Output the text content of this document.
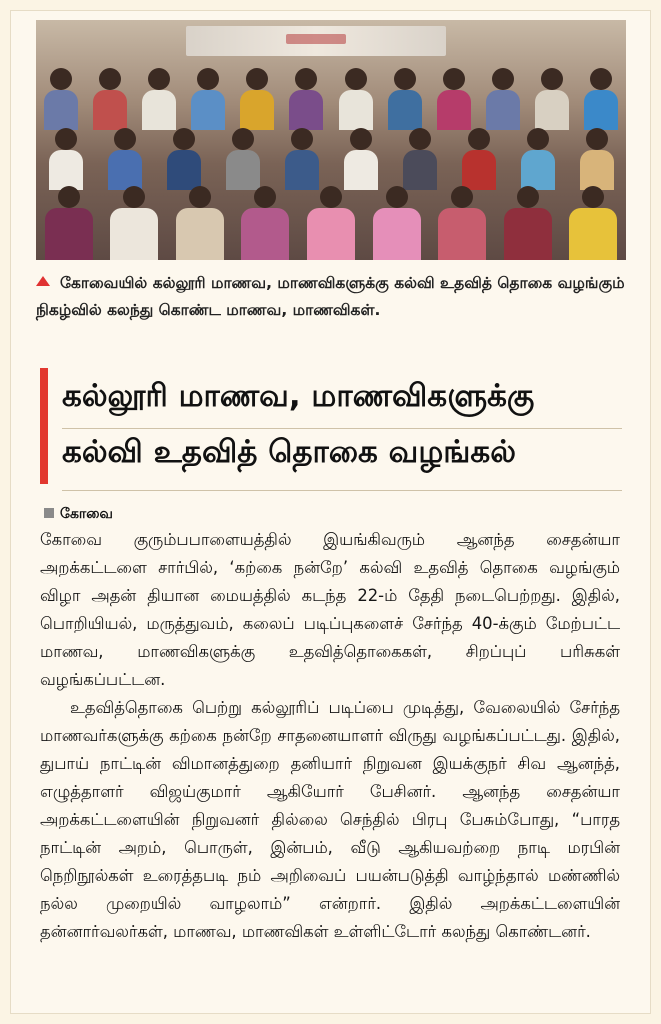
கோவையில் கல்லூரி மாணவ, மாணவிகளுக்கு கல்வி உதவித் தொகை வழங்கும் நிகழ்வில் கலந்து கொண்ட மாணவ, மாணவிகள்.
கல்லூரி மாணவ, மாணவிகளுக்கு
கல்வி உதவித் தொகை வழங்கல்
கோவை

கோவை குரும்பபாளையத்தில் இயங்கிவரும் ஆனந்த சைதன்யா அறக்கட்டளை சார்பில், ‘கற்கை நன்றே’ கல்வி உதவித் தொகை வழங்கும் விழா அதன் தியான மையத்தில் கடந்த 22-ம் தேதி நடைபெற்றது. இதில், பொறியியல், மருத்துவம், கலைப் படிப்புகளைச் சேர்ந்த 40-க்கும் மேற்பட்ட மாணவ, மாணவிகளுக்கு உதவித்தொகைகள், சிறப்புப் பரிசுகள் வழங்கப்பட்டன.

உதவித்தொகை பெற்று கல்லூரிப் படிப்பை முடித்து, வேலையில் சேர்ந்த மாணவர்களுக்கு கற்கை நன்றே சாதனையாளர் விருது வழங்கப்பட்டது. இதில், துபாய் நாட்டின் விமானத்துறை தனியார் நிறுவன இயக்குநர் சிவ ஆனந்த், எழுத்தாளர் விஜய்குமார் ஆகியோர் பேசினர். ஆனந்த சைதன்யா அறக்கட்டளையின் நிறுவனர் தில்லை செந்தில் பிரபு பேசும்போது, “பாரத நாட்டின் அறம், பொருள், இன்பம், வீடு ஆகியவற்றை நாடி மரபின் நெறிநூல்கள் உரைத்தபடி நம் அறிவைப் பயன்படுத்தி வாழ்ந்தால் மண்ணில் நல்ல முறையில் வாழலாம்” என்றார். இதில் அறக்கட்டளையின் தன்னார்வலர்கள், மாணவ, மாணவிகள் உள்ளிட்டோர் கலந்து கொண்டனர்.
